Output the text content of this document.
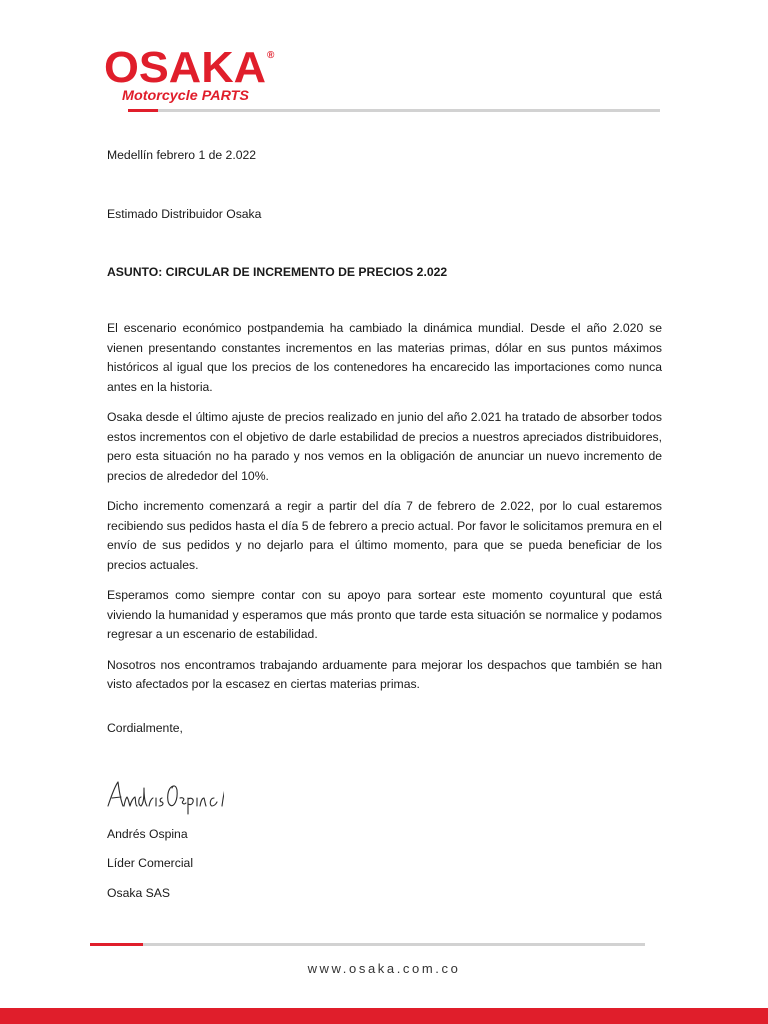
OSAKA ®
Motorcycle PARTS
Medellín febrero 1 de 2.022
Estimado Distribuidor Osaka
ASUNTO: CIRCULAR DE INCREMENTO DE PRECIOS 2.022

El escenario económico postpandemia ha cambiado la dinámica mundial. Desde el año 2.020 se vienen presentando constantes incrementos en las materias primas, dólar en sus puntos máximos históricos al igual que los precios de los contenedores ha encarecido las importaciones como nunca antes en la historia.

Osaka desde el último ajuste de precios realizado en junio del año 2.021 ha tratado de absorber todos estos incrementos con el objetivo de darle estabilidad de precios a nuestros apreciados distribuidores, pero esta situación no ha parado y nos vemos en la obligación de anunciar un nuevo incremento de precios de alrededor del 10%.

Dicho incremento comenzará a regir a partir del día 7 de febrero de 2.022, por lo cual estaremos recibiendo sus pedidos hasta el día 5 de febrero a precio actual. Por favor le solicitamos premura en el envío de sus pedidos y no dejarlo para el último momento, para que se pueda beneficiar de los precios actuales.

Esperamos como siempre contar con su apoyo para sortear este momento coyuntural que está viviendo la humanidad y esperamos que más pronto que tarde esta situación se normalice y podamos regresar a un escenario de estabilidad.

Nosotros nos encontramos trabajando arduamente para mejorar los despachos que también se han visto afectados por la escasez en ciertas materias primas.

Cordialmente,
Andrés Ospina
Líder Comercial
Osaka SAS
www.osaka.com.co
